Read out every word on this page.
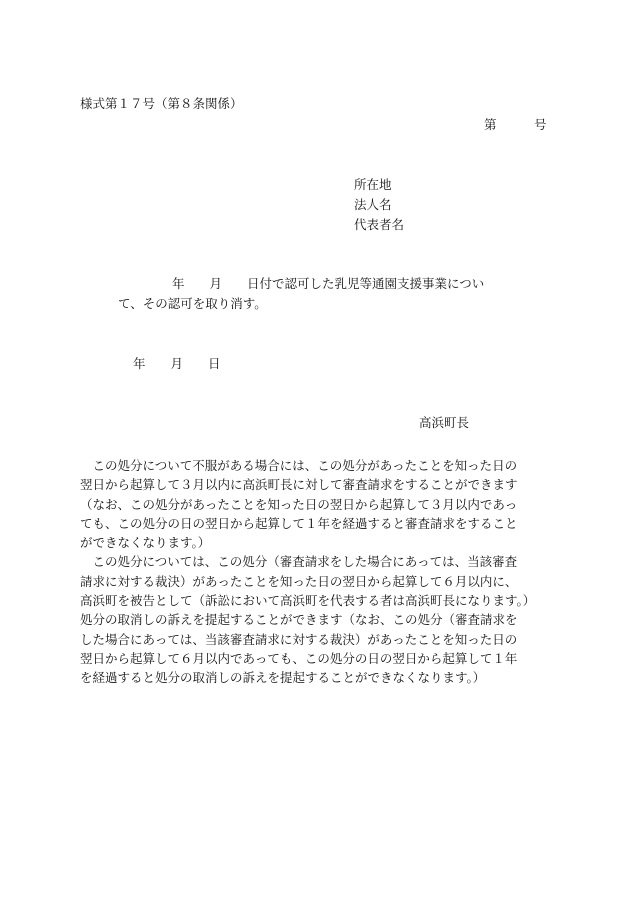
様式第１７号（第８条関係）
第　　　号
所在地
法人名
代表者名
年　　月　　日付で認可した乳児等通園支援事業につい
て、その認可を取り消す。
年　　月　　日
高浜町長
　この処分について不服がある場合には、この処分があったことを知った日の
翌日から起算して３月以内に高浜町長に対して審査請求をすることができます
（なお、この処分があったことを知った日の翌日から起算して３月以内であっ
ても、この処分の日の翌日から起算して１年を経過すると審査請求をすること
ができなくなります。）
　この処分については、この処分（審査請求をした場合にあっては、当該審査
請求に対する裁決）があったことを知った日の翌日から起算して６月以内に、
高浜町を被告として（訴訟において高浜町を代表する者は高浜町長になります。）
処分の取消しの訴えを提起することができます（なお、この処分（審査請求を
した場合にあっては、当該審査請求に対する裁決）があったことを知った日の
翌日から起算して６月以内であっても、この処分の日の翌日から起算して１年
を経過すると処分の取消しの訴えを提起することができなくなります。）
